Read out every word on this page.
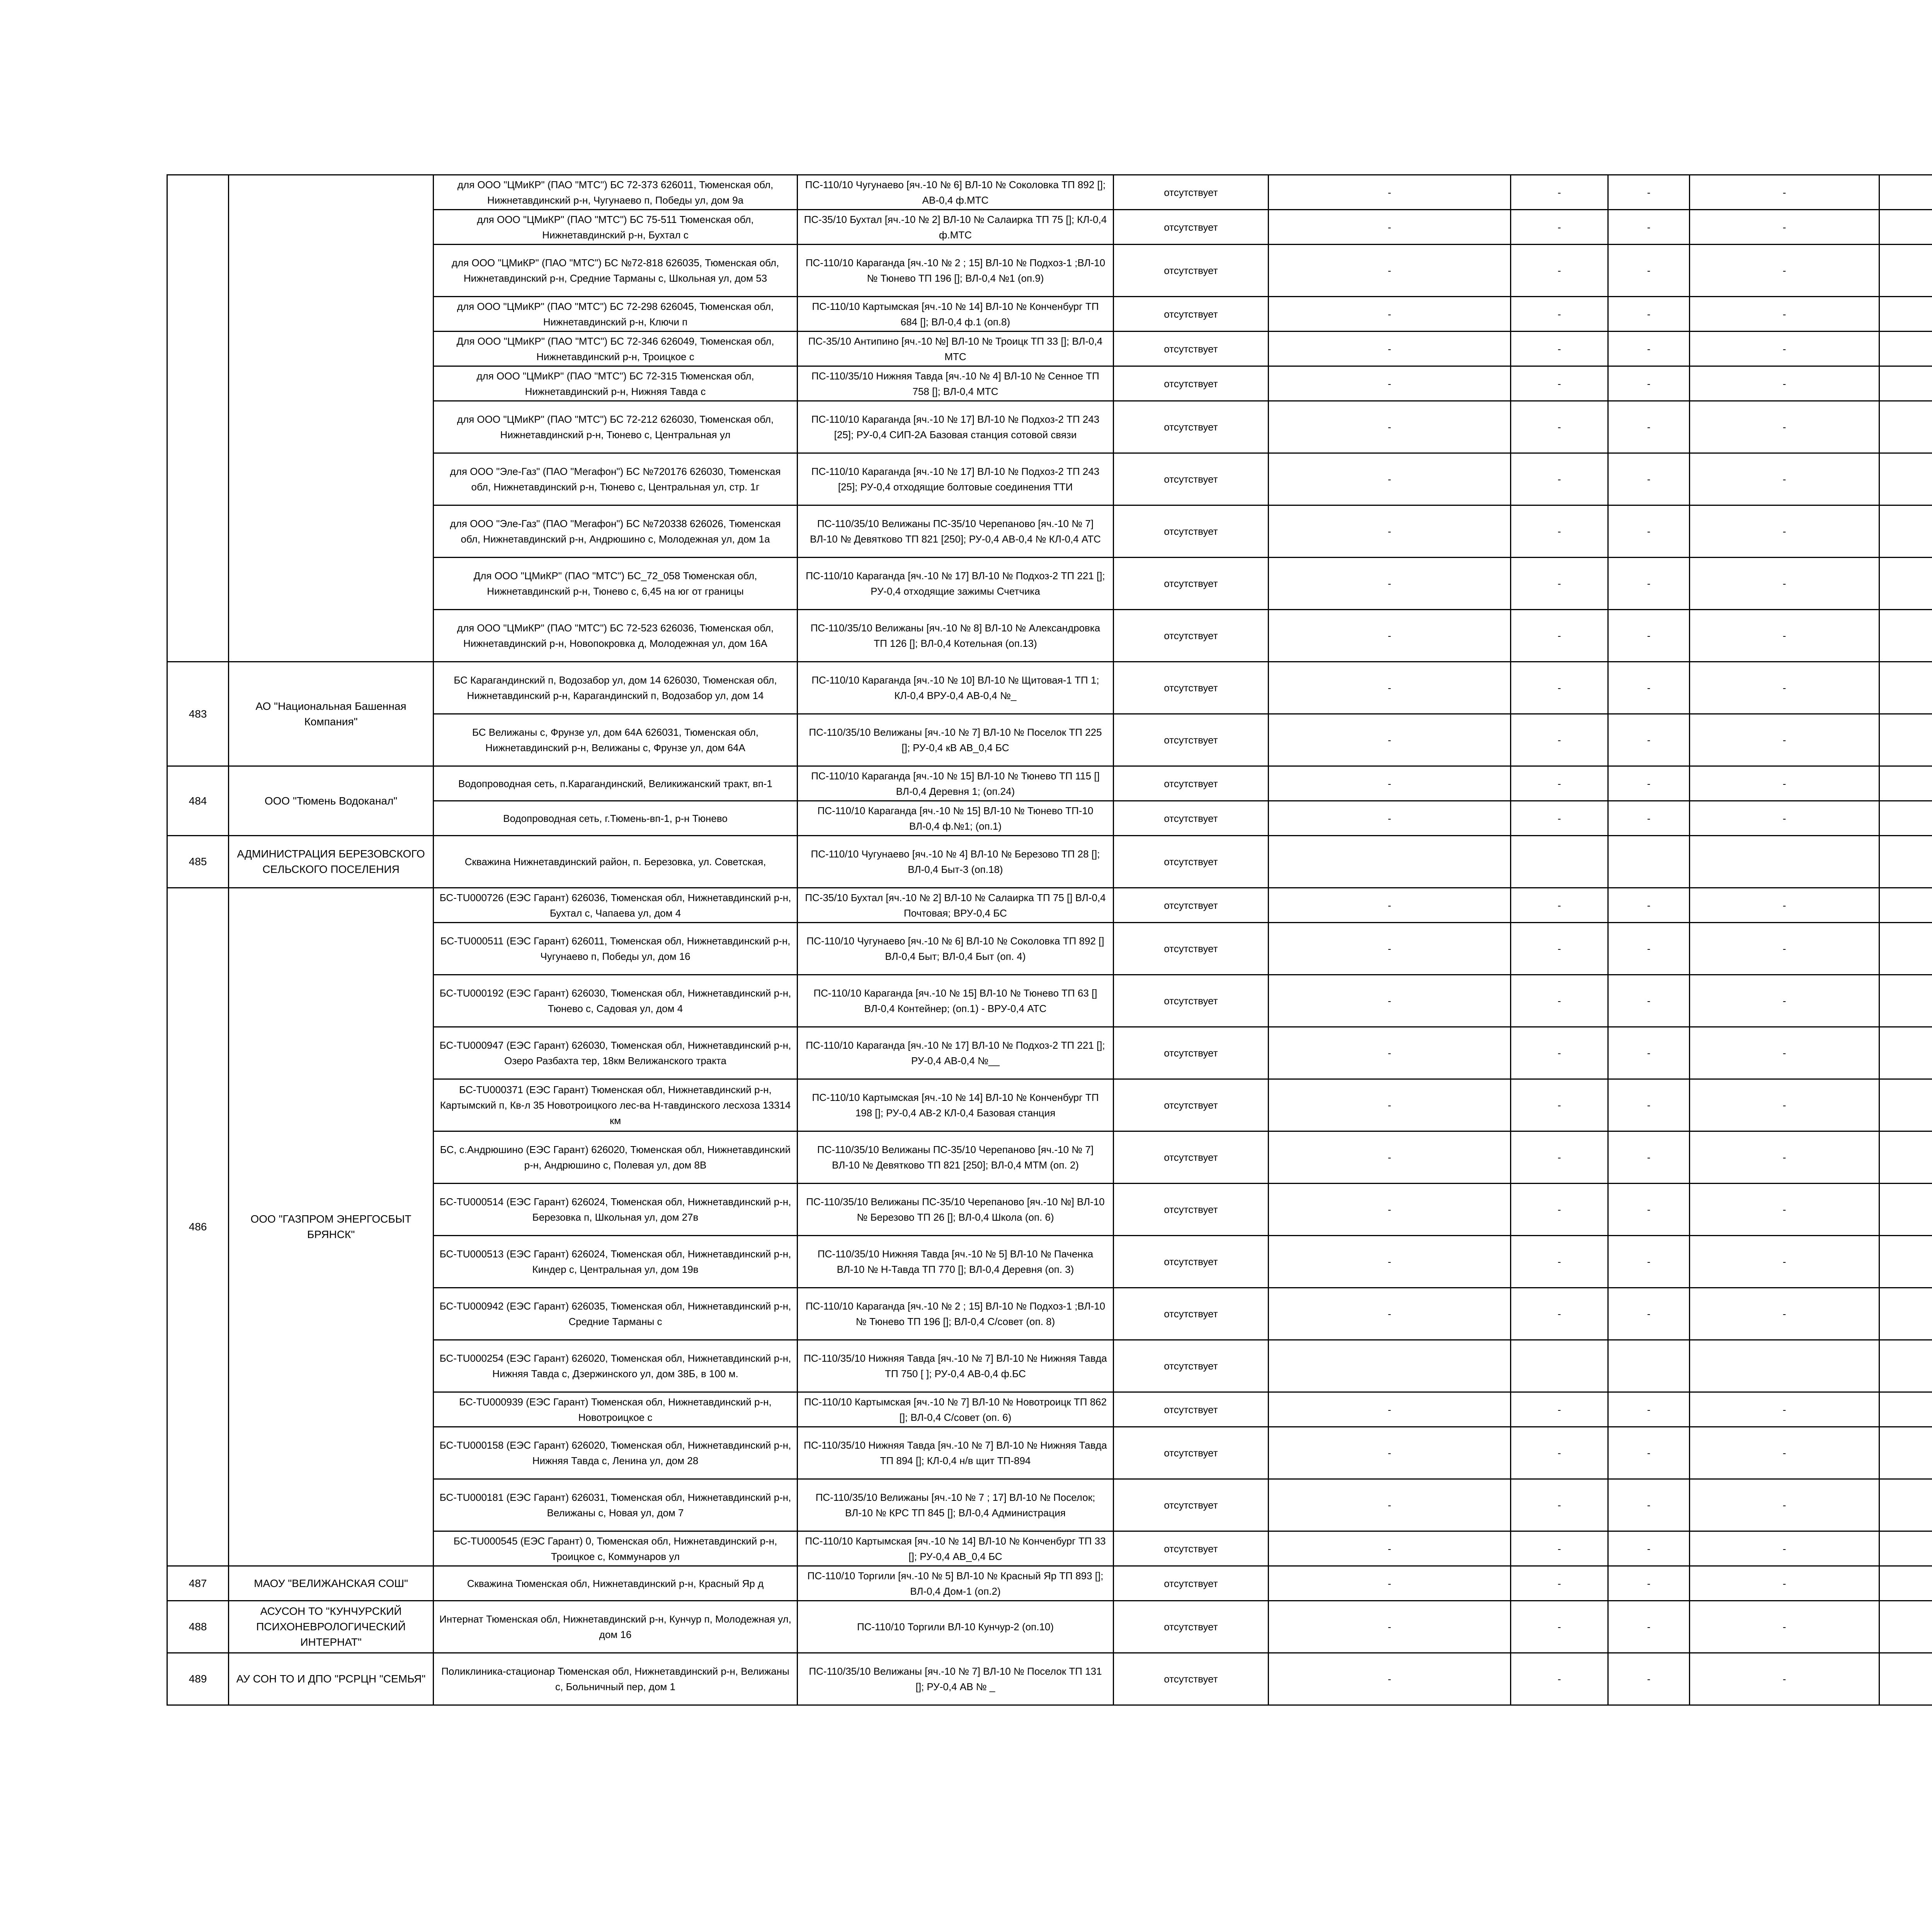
		для ООО "ЦМиКР" (ПАО "МТС") БС 72-373 626011, Тюменская обл, Нижнетавдинский р-н, Чугунаево п, Победы ул, дом 9а	ПС-110/10 Чугунаево [яч.-10 № 6] ВЛ-10 № Соколовка ТП 892 []; АВ-0,4 ф.МТС	отсутствует	-	-	-	-		
		для ООО "ЦМиКР" (ПАО "МТС") БС 75-511 Тюменская обл, Нижнетавдинский р-н, Бухтал с	ПС-35/10 Бухтал [яч.-10 № 2] ВЛ-10 № Салаирка ТП 75 []; КЛ-0,4 ф.МТС	отсутствует	-	-	-	-		
		для ООО "ЦМиКР" (ПАО "МТС") БС №72-818 626035, Тюменская обл, Нижнетавдинский р-н, Средние Тарманы с, Школьная ул, дом 53	ПС-110/10 Караганда [яч.-10 № 2 ; 15] ВЛ-10 № Подхоз-1 ;ВЛ-10 № Тюнево ТП 196 []; ВЛ-0,4 №1 (оп.9)	отсутствует	-	-	-	-		
		для ООО "ЦМиКР" (ПАО "МТС") БС 72-298 626045, Тюменская обл, Нижнетавдинский р-н, Ключи п	ПС-110/10 Картымская [яч.-10 № 14] ВЛ-10 № Конченбург ТП 684 []; ВЛ-0,4 ф.1 (оп.8)	отсутствует	-	-	-	-		
		Для ООО "ЦМиКР" (ПАО "МТС") БС 72-346 626049, Тюменская обл, Нижнетавдинский р-н, Троицкое с	ПС-35/10 Антипино [яч.-10 №] ВЛ-10 № Троицк ТП 33 []; ВЛ-0,4 МТС	отсутствует	-	-	-	-		
		для ООО "ЦМиКР" (ПАО "МТС") БС 72-315 Тюменская обл, Нижнетавдинский р-н, Нижняя Тавда с	ПС-110/35/10 Нижняя Тавда [яч.-10 № 4] ВЛ-10 № Сенное ТП 758 []; ВЛ-0,4 МТС	отсутствует	-	-	-	-		
		для ООО "ЦМиКР" (ПАО "МТС") БС 72-212 626030, Тюменская обл, Нижнетавдинский р-н, Тюнево с, Центральная ул	ПС-110/10 Караганда [яч.-10 № 17] ВЛ-10 № Подхоз-2 ТП 243 [25]; РУ-0,4 СИП-2А Базовая станция сотовой связи	отсутствует	-	-	-	-		
		для ООО "Эле-Газ" (ПАО "Мегафон") БС №720176 626030, Тюменская обл, Нижнетавдинский р-н, Тюнево с, Центральная ул, стр. 1г	ПС-110/10 Караганда [яч.-10 № 17] ВЛ-10 № Подхоз-2 ТП 243 [25]; РУ-0,4 отходящие болтовые соединения ТТИ	отсутствует	-	-	-	-		
		для ООО "Эле-Газ" (ПАО "Мегафон") БС №720338 626026, Тюменская обл, Нижнетавдинский р-н, Андрюшино с, Молодежная ул, дом 1а	ПС-110/35/10 Велижаны ПС-35/10 Черепаново [яч.-10 № 7] ВЛ-10 № Девятково ТП 821 [250]; РУ-0,4 АВ-0,4 № КЛ-0,4 АТС	отсутствует	-	-	-	-		
		Для ООО "ЦМиКР" (ПАО "МТС") БС_72_058 Тюменская обл, Нижнетавдинский р-н, Тюнево с, 6,45 на юг от границы	ПС-110/10 Караганда [яч.-10 № 17] ВЛ-10 № Подхоз-2 ТП 221 []; РУ-0,4 отходящие зажимы Счетчика	отсутствует	-	-	-	-		
		для ООО "ЦМиКР" (ПАО "МТС") БС 72-523 626036, Тюменская обл, Нижнетавдинский р-н, Новопокровка д, Молодежная ул, дом 16А	ПС-110/35/10 Велижаны [яч.-10 № 8] ВЛ-10 № Александровка ТП 126 []; ВЛ-0,4 Котельная (оп.13)	отсутствует	-	-	-	-		
483	АО "Национальная Башенная Компания"	БС Карагандинский п, Водозабор ул, дом 14 626030, Тюменская обл, Нижнетавдинский р-н, Карагандинский п, Водозабор ул, дом 14	ПС-110/10 Караганда [яч.-10 № 10] ВЛ-10 № Щитовая-1 ТП 1; КЛ-0,4 ВРУ-0,4 АВ-0,4 №_	отсутствует	-	-	-	-		
		БС Велижаны с, Фрунзе ул, дом 64А 626031, Тюменская обл, Нижнетавдинский р-н, Велижаны с, Фрунзе ул, дом 64А	ПС-110/35/10 Велижаны [яч.-10 № 7] ВЛ-10 № Поселок ТП 225 []; РУ-0,4 кВ АВ_0,4 БС	отсутствует	-	-	-	-		
484	ООО "Тюмень Водоканал"	Водопроводная сеть, п.Карагандинский, Великижанский тракт, вп-1	ПС-110/10 Караганда [яч.-10 № 15] ВЛ-10 № Тюнево ТП 115 [] ВЛ-0,4 Деревня 1; (оп.24)	отсутствует	-	-	-	-		
		Водопроводная сеть, г.Тюмень-вп-1, р-н Тюнево	ПС-110/10 Караганда [яч.-10 № 15] ВЛ-10 № Тюнево ТП-10 ВЛ-0,4 ф.№1; (оп.1)	отсутствует	-	-	-	-		
485	АДМИНИСТРАЦИЯ БЕРЕЗОВСКОГО СЕЛЬСКОГО ПОСЕЛЕНИЯ	Скважина Нижнетавдинский район, п. Березовка, ул. Советская,	ПС-110/10 Чугунаево [яч.-10 № 4] ВЛ-10 № Березово ТП 28 []; ВЛ-0,4 Быт-3 (оп.18)	отсутствует						
486	ООО "ГАЗПРОМ ЭНЕРГОСБЫТ БРЯНСК"	БС-TU000726 (ЕЭС Гарант) 626036, Тюменская обл, Нижнетавдинский р-н, Бухтал с, Чапаева ул, дом 4	ПС-35/10 Бухтал [яч.-10 № 2] ВЛ-10 № Салаирка ТП 75 [] ВЛ-0,4 Почтовая; ВРУ-0,4 БС	отсутствует	-	-	-	-		
		БС-TU000511 (ЕЭС Гарант) 626011, Тюменская обл, Нижнетавдинский р-н, Чугунаево п, Победы ул, дом 16	ПС-110/10 Чугунаево [яч.-10 № 6] ВЛ-10 № Соколовка ТП 892 [] ВЛ-0,4 Быт; ВЛ-0,4 Быт (оп. 4)	отсутствует	-	-	-	-		
		БС-TU000192 (ЕЭС Гарант) 626030, Тюменская обл, Нижнетавдинский р-н, Тюнево с, Садовая ул, дом 4	ПС-110/10 Караганда [яч.-10 № 15] ВЛ-10 № Тюнево ТП 63 [] ВЛ-0,4 Контейнер; (оп.1) - ВРУ-0,4 АТС	отсутствует	-	-	-	-		
		БС-TU000947 (ЕЭС Гарант) 626030, Тюменская обл, Нижнетавдинский р-н, Озеро Разбахта тер, 18км Велижанского тракта	ПС-110/10 Караганда [яч.-10 № 17] ВЛ-10 № Подхоз-2 ТП 221 []; РУ-0,4 АВ-0,4 №__	отсутствует	-	-	-	-		
		БС-TU000371 (ЕЭС Гарант) Тюменская обл, Нижнетавдинский р-н, Картымский п, Кв-л 35 Новотроицкого лес-ва Н-тавдинского лесхоза 13314 км	ПС-110/10 Картымская [яч.-10 № 14] ВЛ-10 № Конченбург ТП 198 []; РУ-0,4 АВ-2 КЛ-0,4 Базовая станция	отсутствует	-	-	-	-		
		БС, с.Андрюшино (ЕЭС Гарант) 626020, Тюменская обл, Нижнетавдинский р-н, Андрюшино с, Полевая ул, дом 8В	ПС-110/35/10 Велижаны ПС-35/10 Черепаново [яч.-10 № 7] ВЛ-10 № Девятково ТП 821 [250]; ВЛ-0,4 МТМ (оп. 2)	отсутствует	-	-	-	-		
		БС-TU000514 (ЕЭС Гарант) 626024, Тюменская обл, Нижнетавдинский р-н, Березовка п, Школьная ул, дом 27в	ПС-110/35/10 Велижаны ПС-35/10 Черепаново [яч.-10 №] ВЛ-10 № Березово ТП 26 []; ВЛ-0,4 Школа (оп. 6)	отсутствует	-	-	-	-		
		БС-TU000513 (ЕЭС Гарант) 626024, Тюменская обл, Нижнетавдинский р-н, Киндер с, Центральная ул, дом 19в	ПС-110/35/10 Нижняя Тавда [яч.-10 № 5] ВЛ-10 № Паченка ВЛ-10 № Н-Тавда ТП 770 []; ВЛ-0,4 Деревня (оп. 3)	отсутствует	-	-	-	-		
		БС-TU000942 (ЕЭС Гарант) 626035, Тюменская обл, Нижнетавдинский р-н, Средние Тарманы с	ПС-110/10 Караганда [яч.-10 № 2 ; 15] ВЛ-10 № Подхоз-1 ;ВЛ-10 № Тюнево ТП 196 []; ВЛ-0,4 С/совет (оп. 8)	отсутствует	-	-	-	-		
		БС-TU000254 (ЕЭС Гарант) 626020, Тюменская обл, Нижнетавдинский р-н, Нижняя Тавда с, Дзержинского ул, дом 38Б, в 100 м.	ПС-110/35/10 Нижняя Тавда [яч.-10 № 7] ВЛ-10 № Нижняя Тавда ТП 750 [ ]; РУ-0,4 АВ-0,4 ф.БС	отсутствует						
		БС-TU000939 (ЕЭС Гарант) Тюменская обл, Нижнетавдинский р-н, Новотроицкое с	ПС-110/10 Картымская [яч.-10 № 7] ВЛ-10 № Новотроицк ТП 862 []; ВЛ-0,4 С/совет (оп. 6)	отсутствует	-	-	-	-		
		БС-TU000158 (ЕЭС Гарант) 626020, Тюменская обл, Нижнетавдинский р-н, Нижняя Тавда с, Ленина ул, дом 28	ПС-110/35/10 Нижняя Тавда [яч.-10 № 7] ВЛ-10 № Нижняя Тавда ТП 894 []; КЛ-0,4 н/в щит ТП-894	отсутствует	-	-	-	-		
		БС-TU000181 (ЕЭС Гарант) 626031, Тюменская обл, Нижнетавдинский р-н, Велижаны с, Новая ул, дом 7	ПС-110/35/10 Велижаны [яч.-10 № 7 ; 17] ВЛ-10 № Поселок; ВЛ-10 № КРС ТП 845 []; ВЛ-0,4 Администрация	отсутствует	-	-	-	-		
		БС-TU000545 (ЕЭС Гарант) 0, Тюменская обл, Нижнетавдинский р-н, Троицкое с, Коммунаров ул	ПС-110/10 Картымская [яч.-10 № 14] ВЛ-10 № Конченбург ТП 33 []; РУ-0,4 АВ_0,4 БС	отсутствует	-	-	-	-		
487	МАОУ "ВЕЛИЖАНСКАЯ СОШ"	Скважина Тюменская обл, Нижнетавдинский р-н, Красный Яр д	ПС-110/10 Торгили [яч.-10 № 5] ВЛ-10 № Красный Яр ТП 893 []; ВЛ-0,4 Дом-1 (оп.2)	отсутствует	-	-	-	-		
488	АСУСОН ТО "КУНЧУРСКИЙ ПСИХОНЕВРОЛОГИЧЕСКИЙ ИНТЕРНАТ"	Интернат Тюменская обл, Нижнетавдинский р-н, Кунчур п, Молодежная ул, дом 16	ПС-110/10 Торгили ВЛ-10 Кунчур-2 (оп.10)	отсутствует	-	-	-	-		
489	АУ СОН ТО И ДПО "РСРЦН "СЕМЬЯ"	Поликлиника-стационар Тюменская обл, Нижнетавдинский р-н, Велижаны с, Больничный пер, дом 1	ПС-110/35/10 Велижаны [яч.-10 № 7] ВЛ-10 № Поселок ТП 131 []; РУ-0,4 АВ № _	отсутствует	-	-	-	-		
